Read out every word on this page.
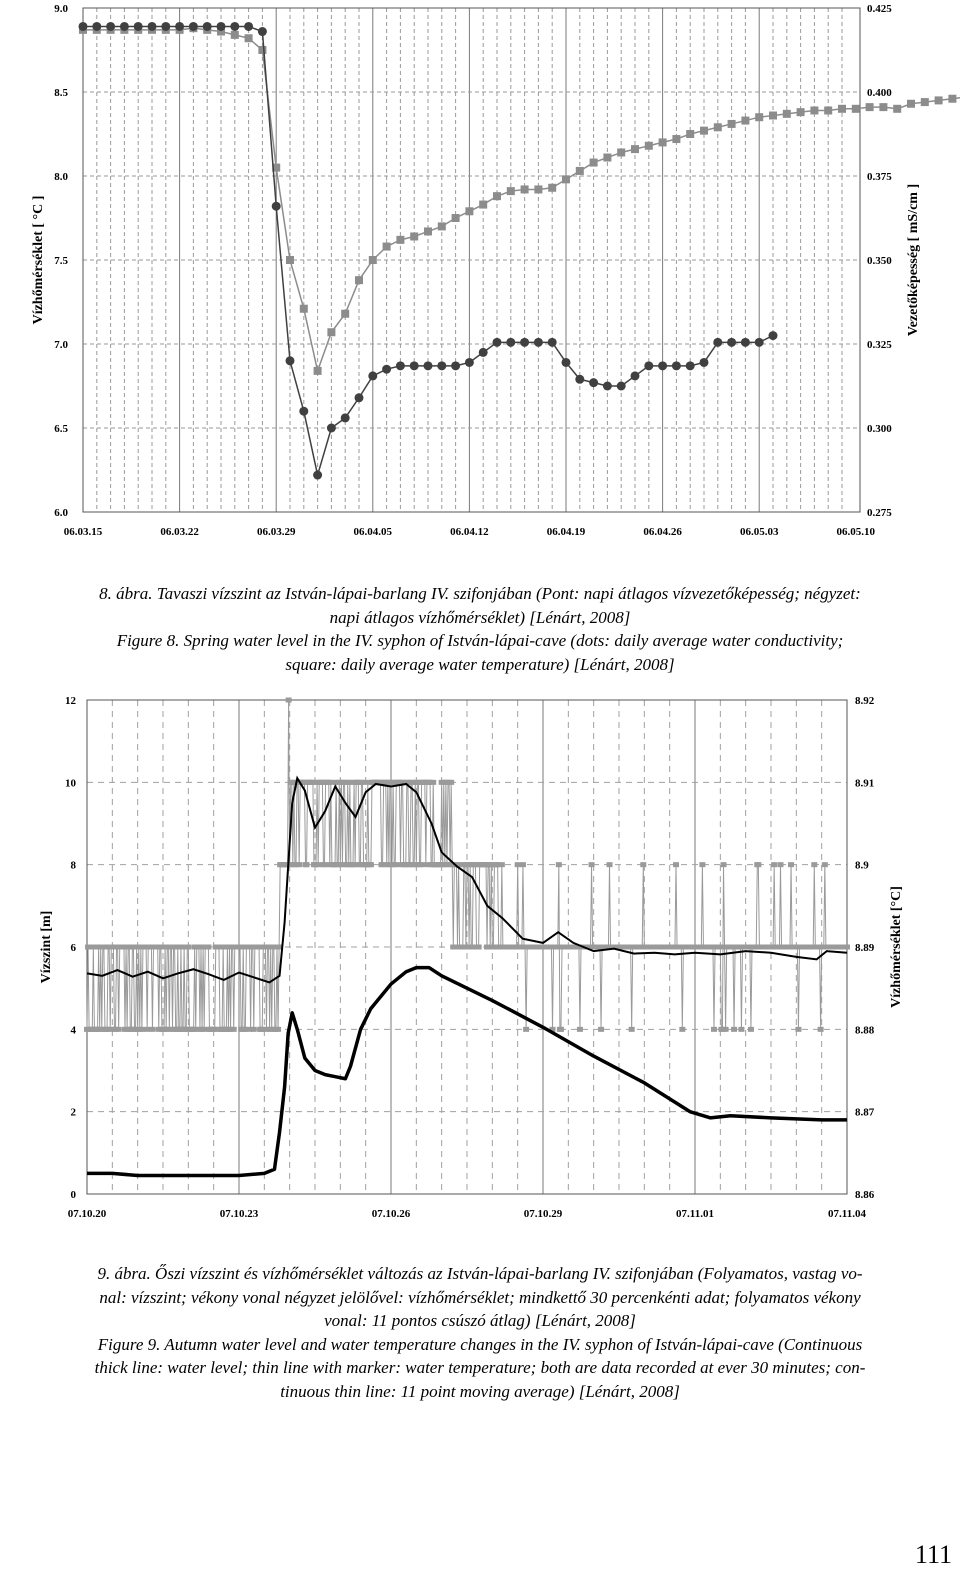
9.0
8.5
8.0
7.5
7.0
6.5
6.0
0.425
0.400
0.375
0.350
0.325
0.300
0.275
06.03.15	06.03.22	06.03.29	06.04.05	06.04.12	06.04.19	06.04.26	06.05.03	06.05.10
Vízhőmérséklet [ °C ]	Vezetőképesség [ mS/cm ]
8. ábra. Tavaszi vízszint az István-lápai-barlang IV. szifonjában (Pont: napi átlagos vízvezetőképesség; négyzet:
napi átlagos vízhőmérséklet) [Lénárt, 2008]
Figure 8. Spring water level in the IV. syphon of István-lápai-cave (dots: daily average water conductivity;
square: daily average water temperature) [Lénárt, 2008]
12
10
8
6
4
2
0
8.92
8.91
8.9
8.89
8.88
8.87
8.86
07.10.20	07.10.23	07.10.26	07.10.29	07.11.01	07.11.04
Vízszint [m]	Vízhőmérséklet [°C]
9. ábra. Őszi vízszint és vízhőmérséklet változás az István-lápai-barlang IV. szifonjában (Folyamatos, vastag vo-
nal: vízszint; vékony vonal négyzet jelölővel: vízhőmérséklet; mindkettő 30 percenkénti adat; folyamatos vékony
vonal: 11 pontos csúszó átlag) [Lénárt, 2008]
Figure 9. Autumn water level and water temperature changes in the IV. syphon of István-lápai-cave (Continuous
thick line: water level; thin line with marker: water temperature; both are data recorded at ever 30 minutes; con-
tinuous thin line: 11 point moving average) [Lénárt, 2008]
111
